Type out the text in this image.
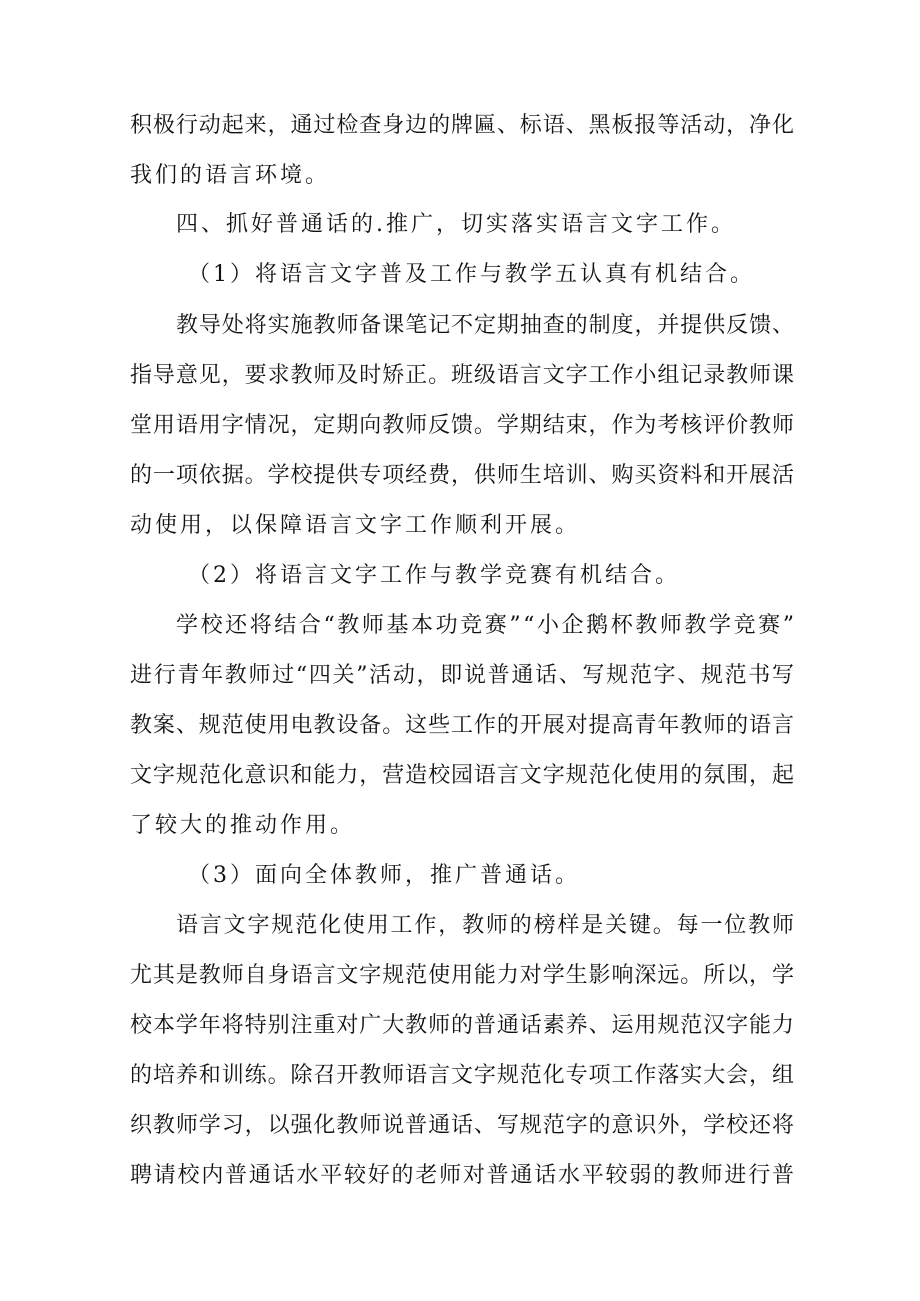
积极行动起来，通过检查身边的牌匾、标语、黑板报等活动，净化
我们的语言环境。
四、抓好普通话的.推广，切实落实语言文字工作。
（1）将语言文字普及工作与教学五认真有机结合。
教导处将实施教师备课笔记不定期抽查的制度，并提供反馈、
指导意见，要求教师及时矫正。班级语言文字工作小组记录教师课
堂用语用字情况，定期向教师反馈。学期结束，作为考核评价教师
的一项依据。学校提供专项经费，供师生培训、购买资料和开展活
动使用，以保障语言文字工作顺利开展。
（2）将语言文字工作与教学竞赛有机结合。
学校还将结合“教师基本功竞赛”“小企鹅杯教师教学竞赛”
进行青年教师过“四关”活动，即说普通话、写规范字、规范书写
教案、规范使用电教设备。这些工作的开展对提高青年教师的语言
文字规范化意识和能力，营造校园语言文字规范化使用的氛围，起
了较大的推动作用。
（3）面向全体教师，推广普通话。
语言文字规范化使用工作，教师的榜样是关键。每一位教师
尤其是教师自身语言文字规范使用能力对学生影响深远。所以，学
校本学年将特别注重对广大教师的普通话素养、运用规范汉字能力
的培养和训练。除召开教师语言文字规范化专项工作落实大会，组
织教师学习，以强化教师说普通话、写规范字的意识外，学校还将
聘请校内普通话水平较好的老师对普通话水平较弱的教师进行普
